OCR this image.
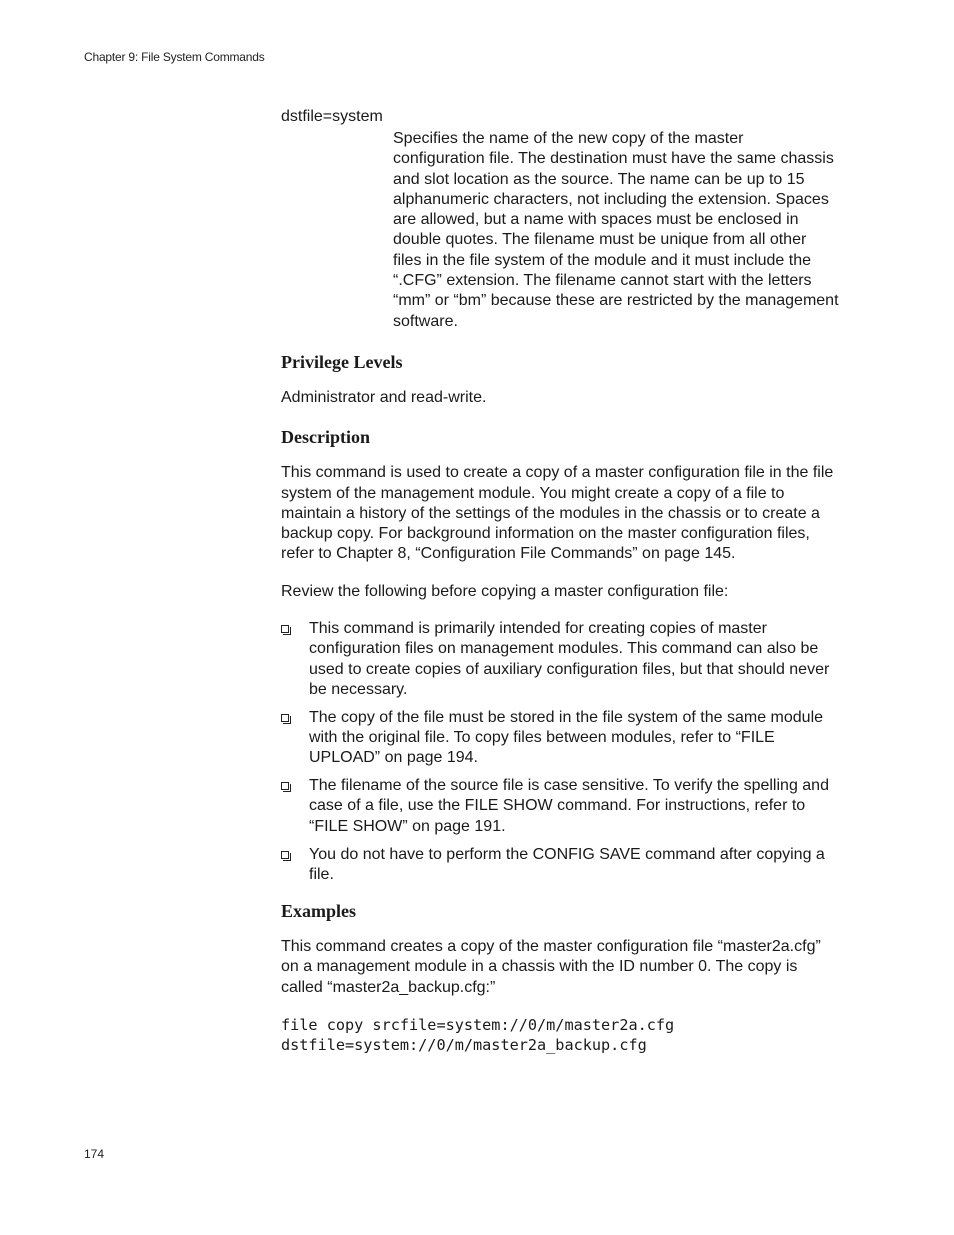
Chapter 9: File System Commands
dstfile=system
Specifies the name of the new copy of the master configuration file. The destination must have the same chassis and slot location as the source. The name can be up to 15 alphanumeric characters, not including the extension. Spaces are allowed, but a name with spaces must be enclosed in double quotes. The filename must be unique from all other files in the file system of the module and it must include the “.CFG” extension. The filename cannot start with the letters “mm” or “bm” because these are restricted by the management software.
Privilege Levels

Administrator and read-write.

Description

This command is used to create a copy of a master configuration file in the file system of the management module. You might create a copy of a file to maintain a history of the settings of the modules in the chassis or to create a backup copy. For background information on the master configuration files, refer to Chapter 8, “Configuration File Commands” on page 145.

Review the following before copying a master configuration file:

This command is primarily intended for creating copies of master configuration files on management modules. This command can also be used to create copies of auxiliary configuration files, but that should never be necessary.
The copy of the file must be stored in the file system of the same module with the original file. To copy files between modules, refer to “FILE UPLOAD” on page 194.
The filename of the source file is case sensitive. To verify the spelling and case of a file, use the FILE SHOW command. For instructions, refer to “FILE SHOW” on page 191.
You do not have to perform the CONFIG SAVE command after copying a file.
Examples

This command creates a copy of the master configuration file “master2a.cfg” on a management module in a chassis with the ID number 0. The copy is called “master2a_backup.cfg:”

file copy srcfile=system://0/m/master2a.cfg
dstfile=system://0/m/master2a_backup.cfg
174
